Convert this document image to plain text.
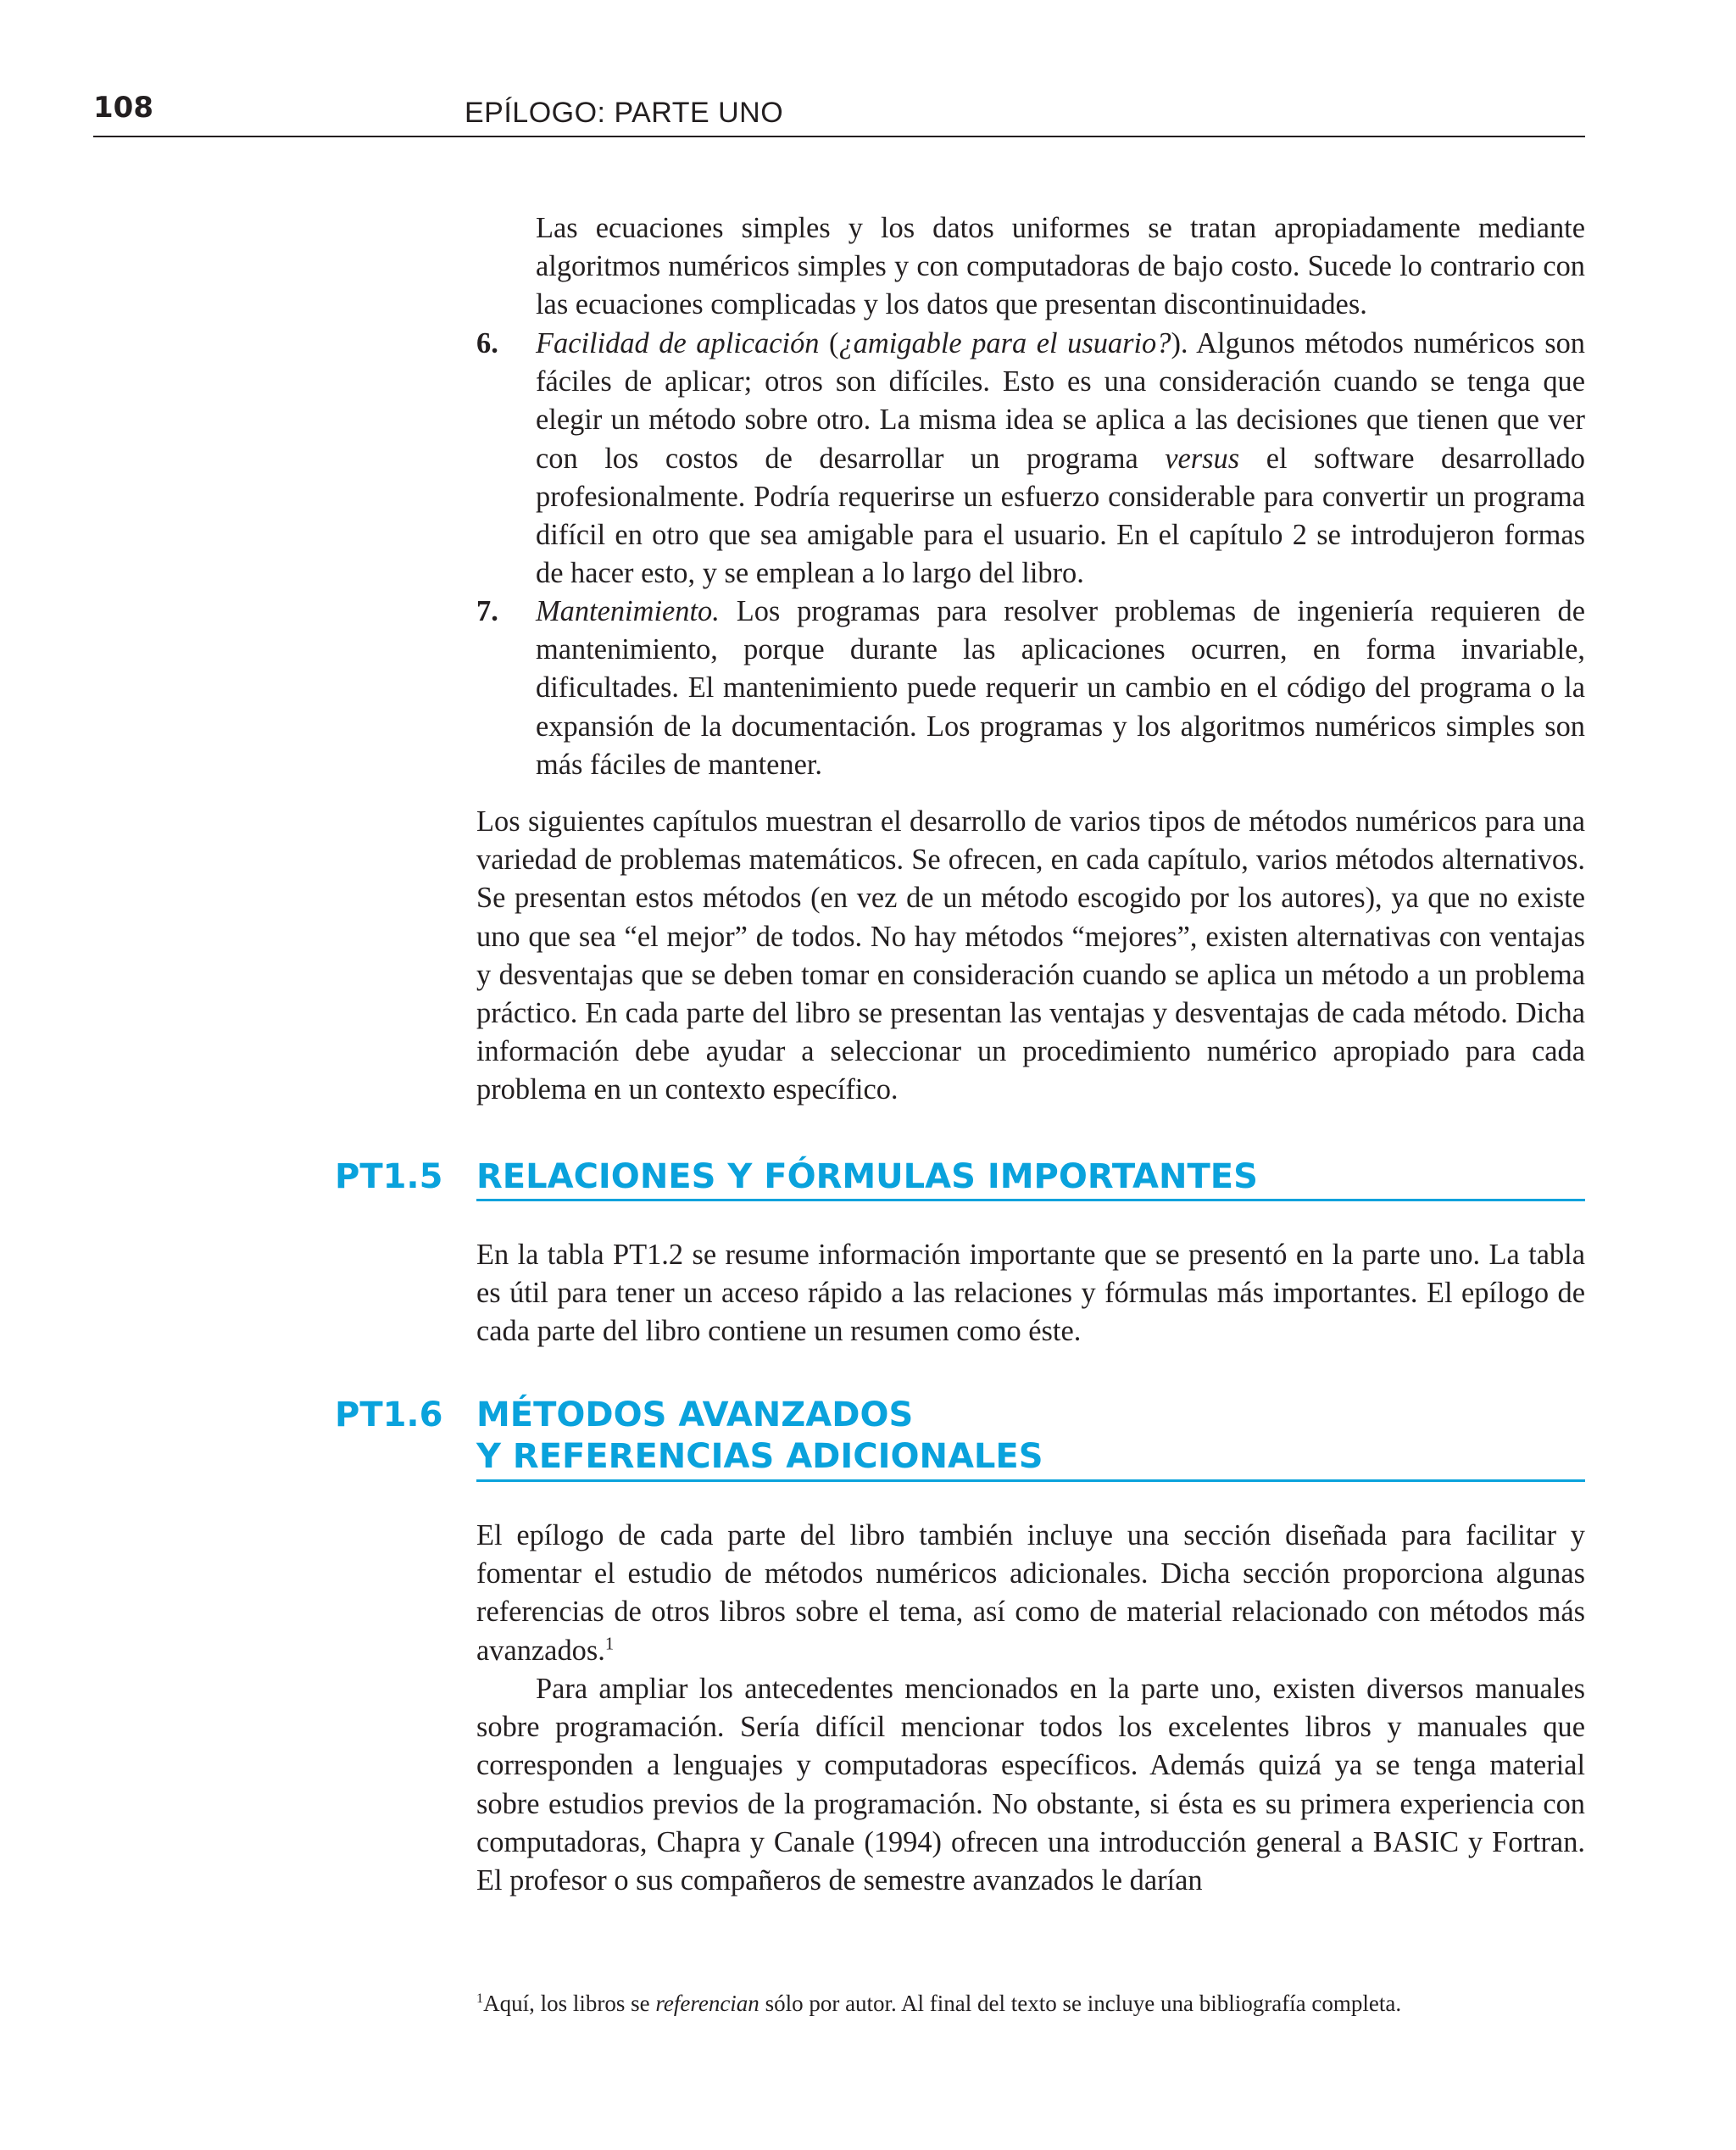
108	EPÍLOGO: PARTE UNO

Las ecuaciones simples y los datos uniformes se tratan apropiadamente mediante algoritmos numéricos simples y con computadoras de bajo costo. Sucede lo contrario con las ecuaciones complicadas y los datos que presentan discontinuidades.

6. Facilidad de aplicación (¿amigable para el usuario?). Algunos métodos numéricos son fáciles de aplicar; otros son difíciles. Esto es una consideración cuando se tenga que elegir un método sobre otro. La misma idea se aplica a las decisiones que tienen que ver con los costos de desarrollar un programa versus el software desarrollado profesionalmente. Podría requerirse un esfuerzo considerable para convertir un programa difícil en otro que sea amigable para el usuario. En el capítulo 2 se introdujeron formas de hacer esto, y se emplean a lo largo del libro.

7. Mantenimiento. Los programas para resolver problemas de ingeniería requieren de mantenimiento, porque durante las aplicaciones ocurren, en forma invariable, dificultades. El mantenimiento puede requerir un cambio en el código del programa o la expansión de la documentación. Los programas y los algoritmos numéricos simples son más fáciles de mantener.

Los siguientes capítulos muestran el desarrollo de varios tipos de métodos numéricos para una variedad de problemas matemáticos. Se ofrecen, en cada capítulo, varios métodos alternativos. Se presentan estos métodos (en vez de un método escogido por los autores), ya que no existe uno que sea “el mejor” de todos. No hay métodos “mejores”, existen alternativas con ventajas y desventajas que se deben tomar en consideración cuando se aplica un método a un problema práctico. En cada parte del libro se presentan las ventajas y desventajas de cada método. Dicha información debe ayudar a seleccionar un procedimiento numérico apropiado para cada problema en un contexto específico.

PT1.5 RELACIONES Y FÓRMULAS IMPORTANTES

En la tabla PT1.2 se resume información importante que se presentó en la parte uno. La tabla es útil para tener un acceso rápido a las relaciones y fórmulas más importantes. El epílogo de cada parte del libro contiene un resumen como éste.

PT1.6 MÉTODOS AVANZADOS
Y REFERENCIAS ADICIONALES

El epílogo de cada parte del libro también incluye una sección diseñada para facilitar y fomentar el estudio de métodos numéricos adicionales. Dicha sección proporciona algunas referencias de otros libros sobre el tema, así como de material relacionado con métodos más avanzados.$^1$

Para ampliar los antecedentes mencionados en la parte uno, existen diversos manuales sobre programación. Sería difícil mencionar todos los excelentes libros y manuales que corresponden a lenguajes y computadoras específicos. Además quizá ya se tenga material sobre estudios previos de la programación. No obstante, si ésta es su primera experiencia con computadoras, Chapra y Canale (1994) ofrecen una introducción general a BASIC y Fortran. El profesor o sus compañeros de semestre avanzados le darían

$^1$Aquí, los libros se referencian sólo por autor. Al final del texto se incluye una bibliografía completa.
